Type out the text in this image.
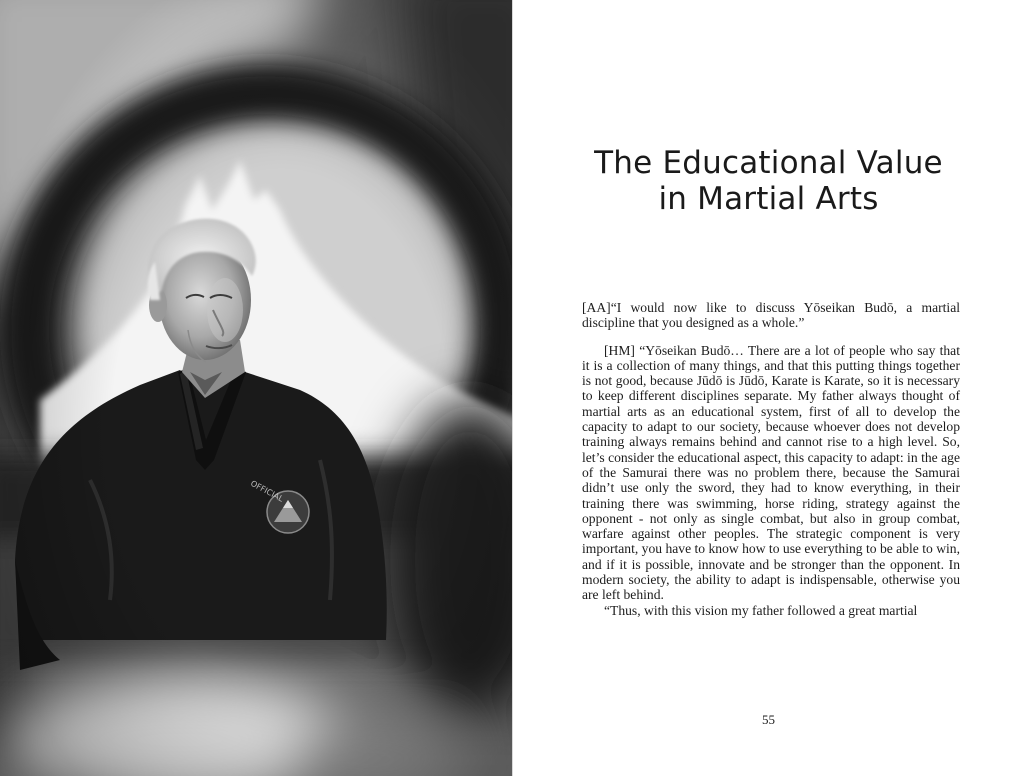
The Educational Value
in Martial Arts

[AA]“I would now like to discuss Yōseikan Budō, a martial discipline that you designed as a whole.”

[HM] “Yōseikan Budō… There are a lot of people who say that it is a collection of many things, and that this putting things together is not good, because Jūdō is Jūdō, Karate is Karate, so it is necessary to keep different disciplines separate. My father always thought of martial arts as an educational system, first of all to develop the capacity to adapt to our society, because whoever does not develop training always remains behind and cannot rise to a high level. So, let’s consider the educational aspect, this capacity to adapt: in the age of the Samurai there was no problem there, because the Samurai didn’t use only the sword, they had to know everything, in their training there was swimming, horse riding, strategy against the opponent - not only as single combat, but also in group combat, warfare against other peoples. The strategic component is very important, you have to know how to use everything to be able to win, and if it is possible, innovate and be stronger than the opponent. In modern society, the ability to adapt is indispensable, otherwise you are left behind.

“Thus, with this vision my father followed a great martial

55
